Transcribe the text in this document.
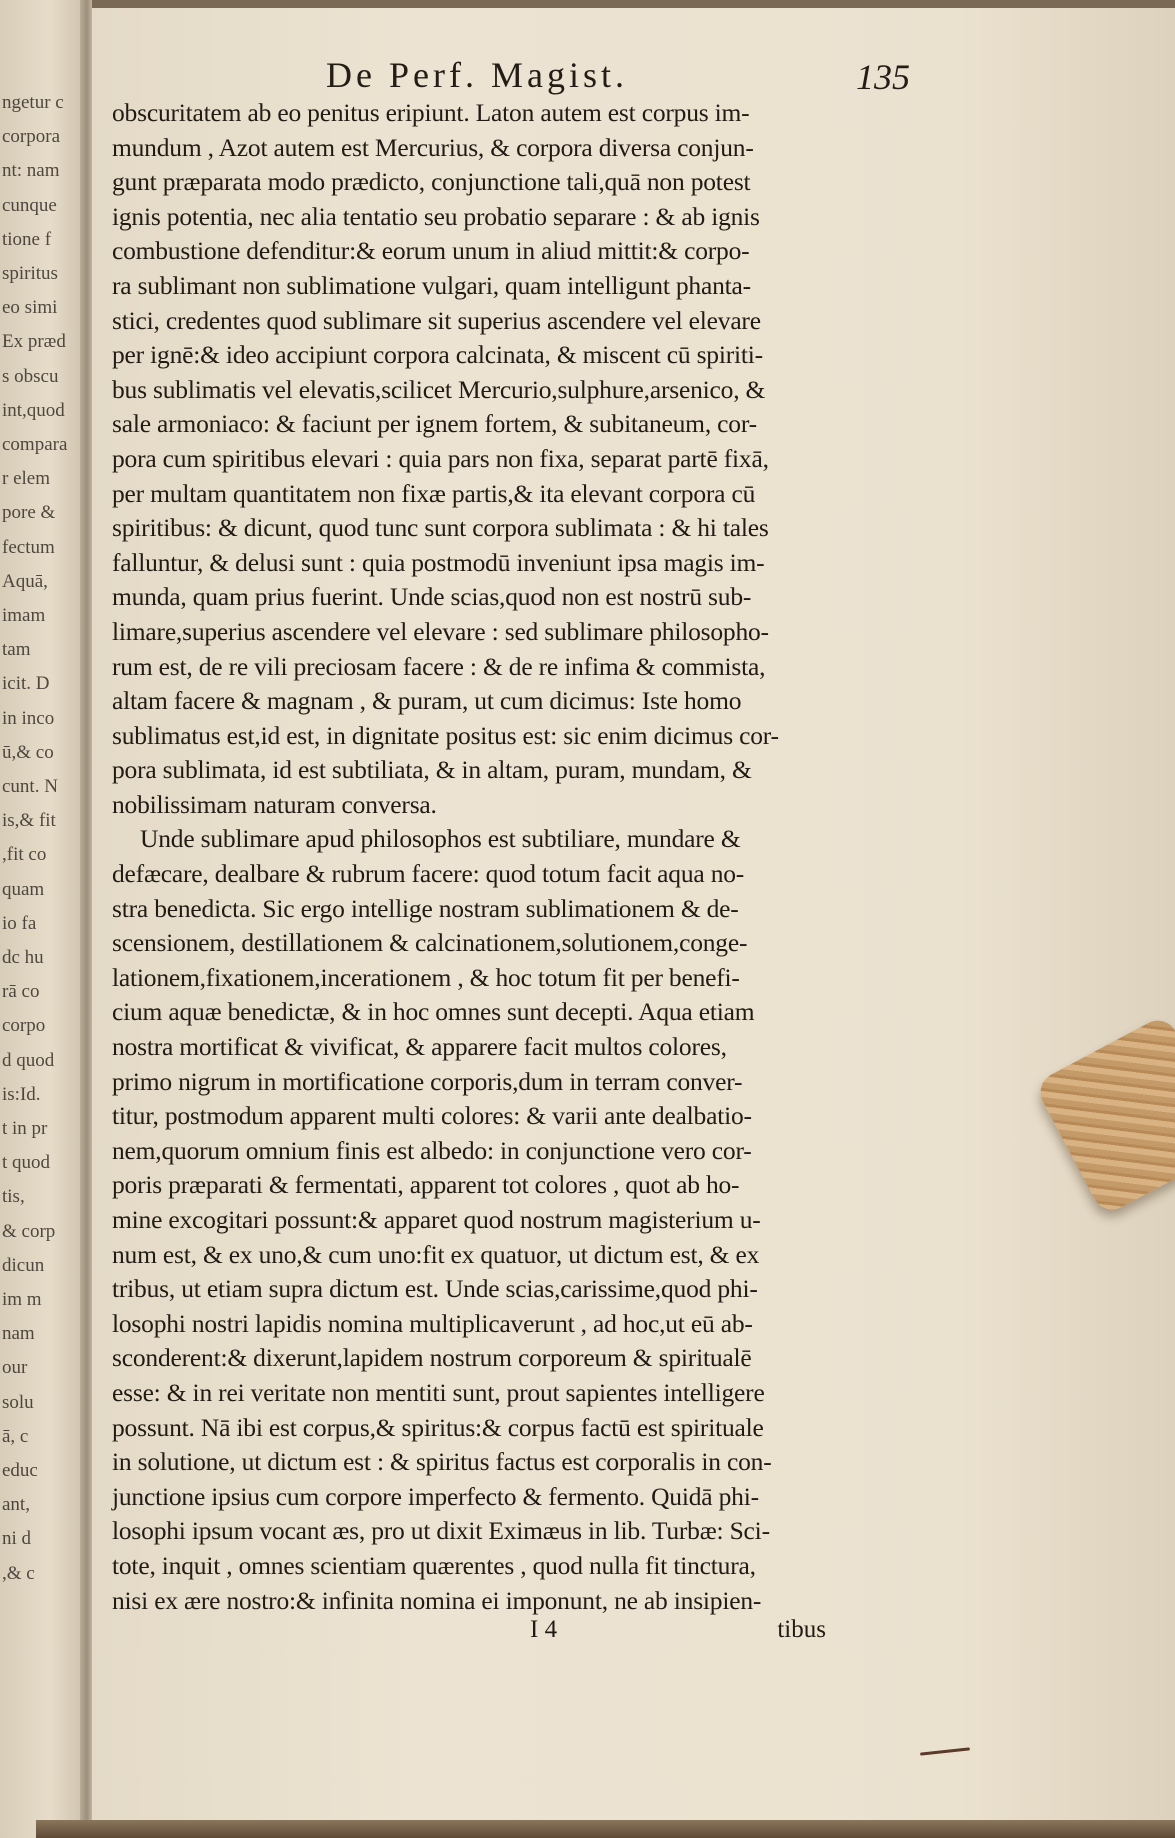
ngetur c
corpora
nt: nam
cunque
tione f
spiritus
eo simi
Ex præd
s obscu
int,quod
compara
r elem
pore &
fectum
Aquā,
imam
tam
icit. D
in inco
ū,& co
cunt. N
is,& fit
,fit co
quam
io fa
dc hu
rā co
corpo
d quod
is:Id.
t in pr
t quod
tis,
& corp
dicun
im m
nam
our
solu
ā, c
educ
ant,
ni d
,& c
De Perf. Magist.	135
obscuritatem ab eo penitus eripiunt. Laton autem est corpus im-
mundum , Azot autem est Mercurius, & corpora diversa conjun-
gunt præparata modo prædicto, conjunctione tali,quā non potest
ignis potentia, nec alia tentatio seu probatio separare : & ab ignis
combustione defenditur:& eorum unum in aliud mittit:& corpo-
ra sublimant non sublimatione vulgari, quam intelligunt phanta-
stici, credentes quod sublimare sit superius ascendere vel elevare
per ignē:& ideo accipiunt corpora calcinata, & miscent cū spiriti-
bus sublimatis vel elevatis,scilicet Mercurio,sulphure,arsenico, &
sale armoniaco: & faciunt per ignem fortem, & subitaneum, cor-
pora cum spiritibus elevari : quia pars non fixa, separat partē fixā,
per multam quantitatem non fixæ partis,& ita elevant corpora cū
spiritibus: & dicunt, quod tunc sunt corpora sublimata : & hi tales
falluntur, & delusi sunt : quia postmodū inveniunt ipsa magis im-
munda, quam prius fuerint. Unde scias,quod non est nostrū sub-
limare,superius ascendere vel elevare : sed sublimare philosopho-
rum est, de re vili preciosam facere : & de re infima & commista,
altam facere & magnam , & puram, ut cum dicimus: Iste homo
sublimatus est,id est, in dignitate positus est: sic enim dicimus cor-
pora sublimata, id est subtiliata, & in altam, puram, mundam, &
nobilissimam naturam conversa.
Unde sublimare apud philosophos est subtiliare, mundare &
defæcare, dealbare & rubrum facere: quod totum facit aqua no-
stra benedicta. Sic ergo intellige nostram sublimationem & de-
scensionem, destillationem & calcinationem,solutionem,conge-
lationem,fixationem,incerationem , & hoc totum fit per benefi-
cium aquæ benedictæ, & in hoc omnes sunt decepti. Aqua etiam
nostra mortificat & vivificat, & apparere facit multos colores,
primo nigrum in mortificatione corporis,dum in terram conver-
titur, postmodum apparent multi colores: & varii ante dealbatio-
nem,quorum omnium finis est albedo: in conjunctione vero cor-
poris præparati & fermentati, apparent tot colores , quot ab ho-
mine excogitari possunt:& apparet quod nostrum magisterium u-
num est, & ex uno,& cum uno:fit ex quatuor, ut dictum est, & ex
tribus, ut etiam supra dictum est. Unde scias,carissime,quod phi-
losophi nostri lapidis nomina multiplicaverunt , ad hoc,ut eū ab-
sconderent:& dixerunt,lapidem nostrum corporeum & spiritualē
esse: & in rei veritate non mentiti sunt, prout sapientes intelligere
possunt. Nā ibi est corpus,& spiritus:& corpus factū est spirituale
in solutione, ut dictum est : & spiritus factus est corporalis in con-
junctione ipsius cum corpore imperfecto & fermento. Quidā phi-
losophi ipsum vocant æs, pro ut dixit Eximæus in lib. Turbæ: Sci-
tote, inquit , omnes scientiam quærentes , quod nulla fit tinctura,
nisi ex ære nostro:& infinita nomina ei imponunt, ne ab insipien-
I 4	tibus
